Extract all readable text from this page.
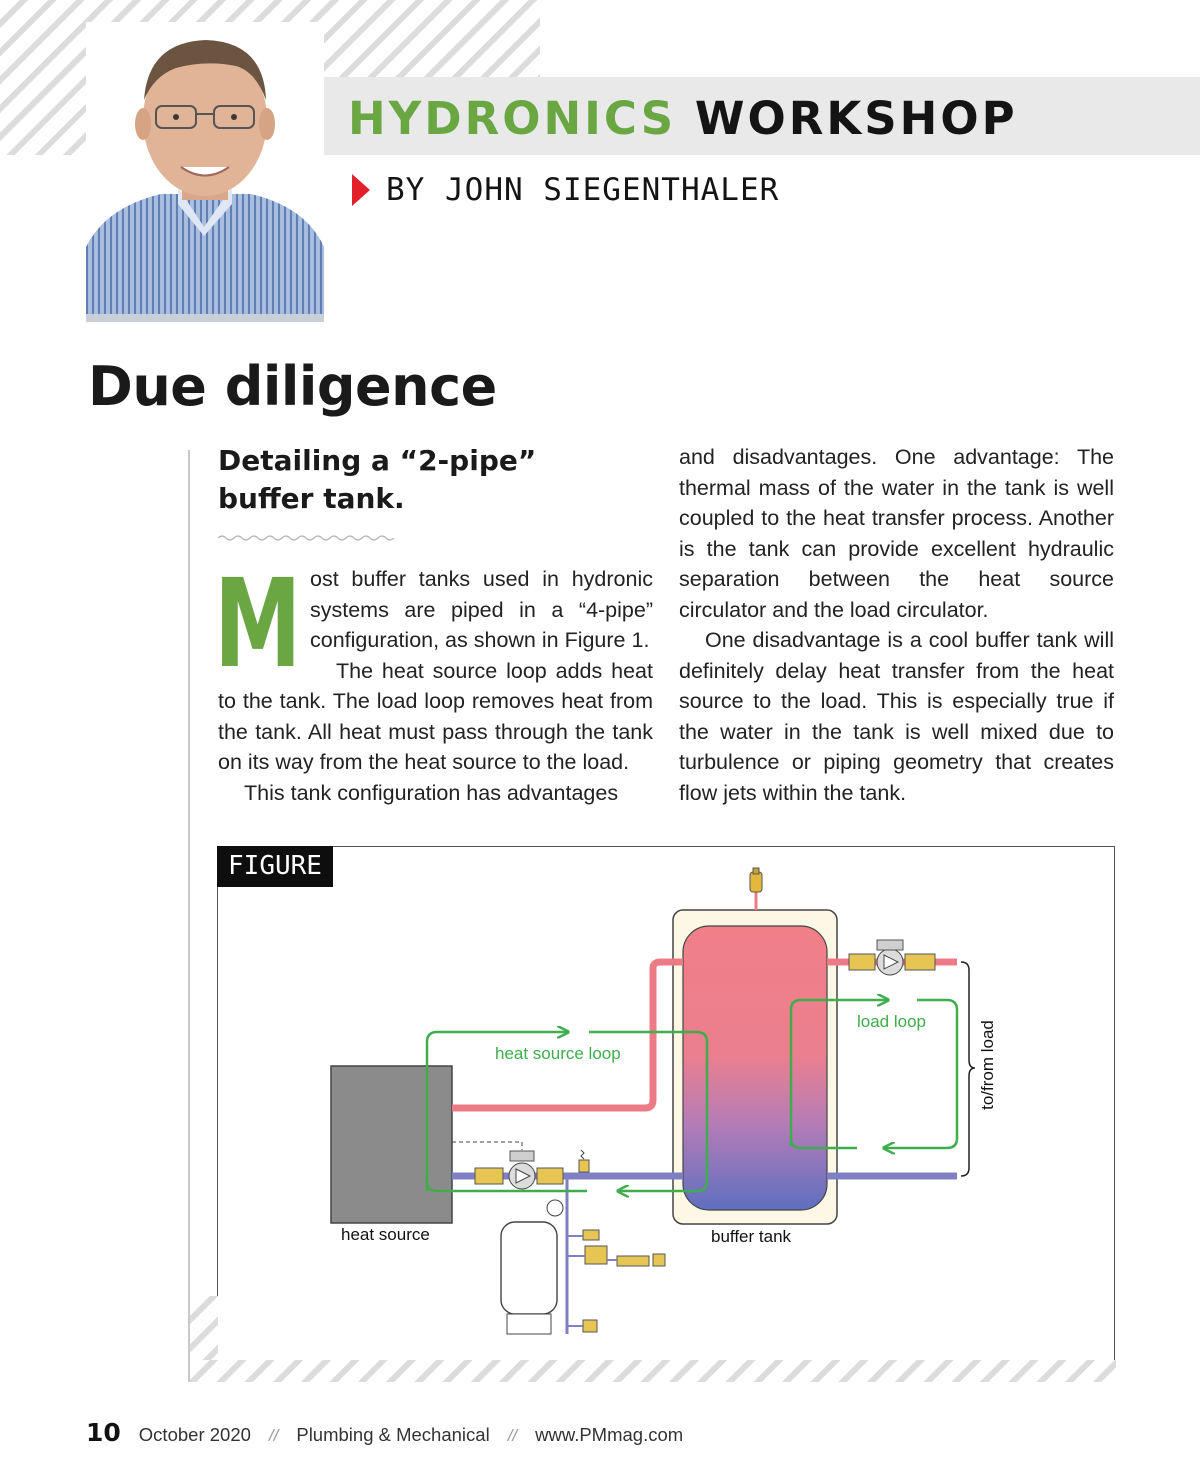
HYDRONICS WORKSHOP
BY JOHN SIEGENTHALER
Due diligence
Detailing a “2-pipe” buffer tank.

Most buffer tanks used in hydronic systems are piped in a “4-pipe” configuration, as shown in Figure 1.

The heat source loop adds heat to the tank. The load loop removes heat from the tank. All heat must pass through the tank on its way from the heat source to the load.

This tank configuration has advantages

and disadvantages. One advantage: The thermal mass of the water in the tank is well coupled to the heat transfer process. Another is the tank can provide excellent hydraulic separation between the heat source circulator and the load circulator.

One disadvantage is a cool buffer tank will definitely delay heat transfer from the heat source to the load. This is especially true if the water in the tank is well mixed due to turbulence or piping geometry that creates flow jets within the tank.

FIGURE 1
heat source loop
load loop
heat source	buffer tank
to/from load
10 October 2020 // Plumbing & Mechanical // www.PMmag.com
